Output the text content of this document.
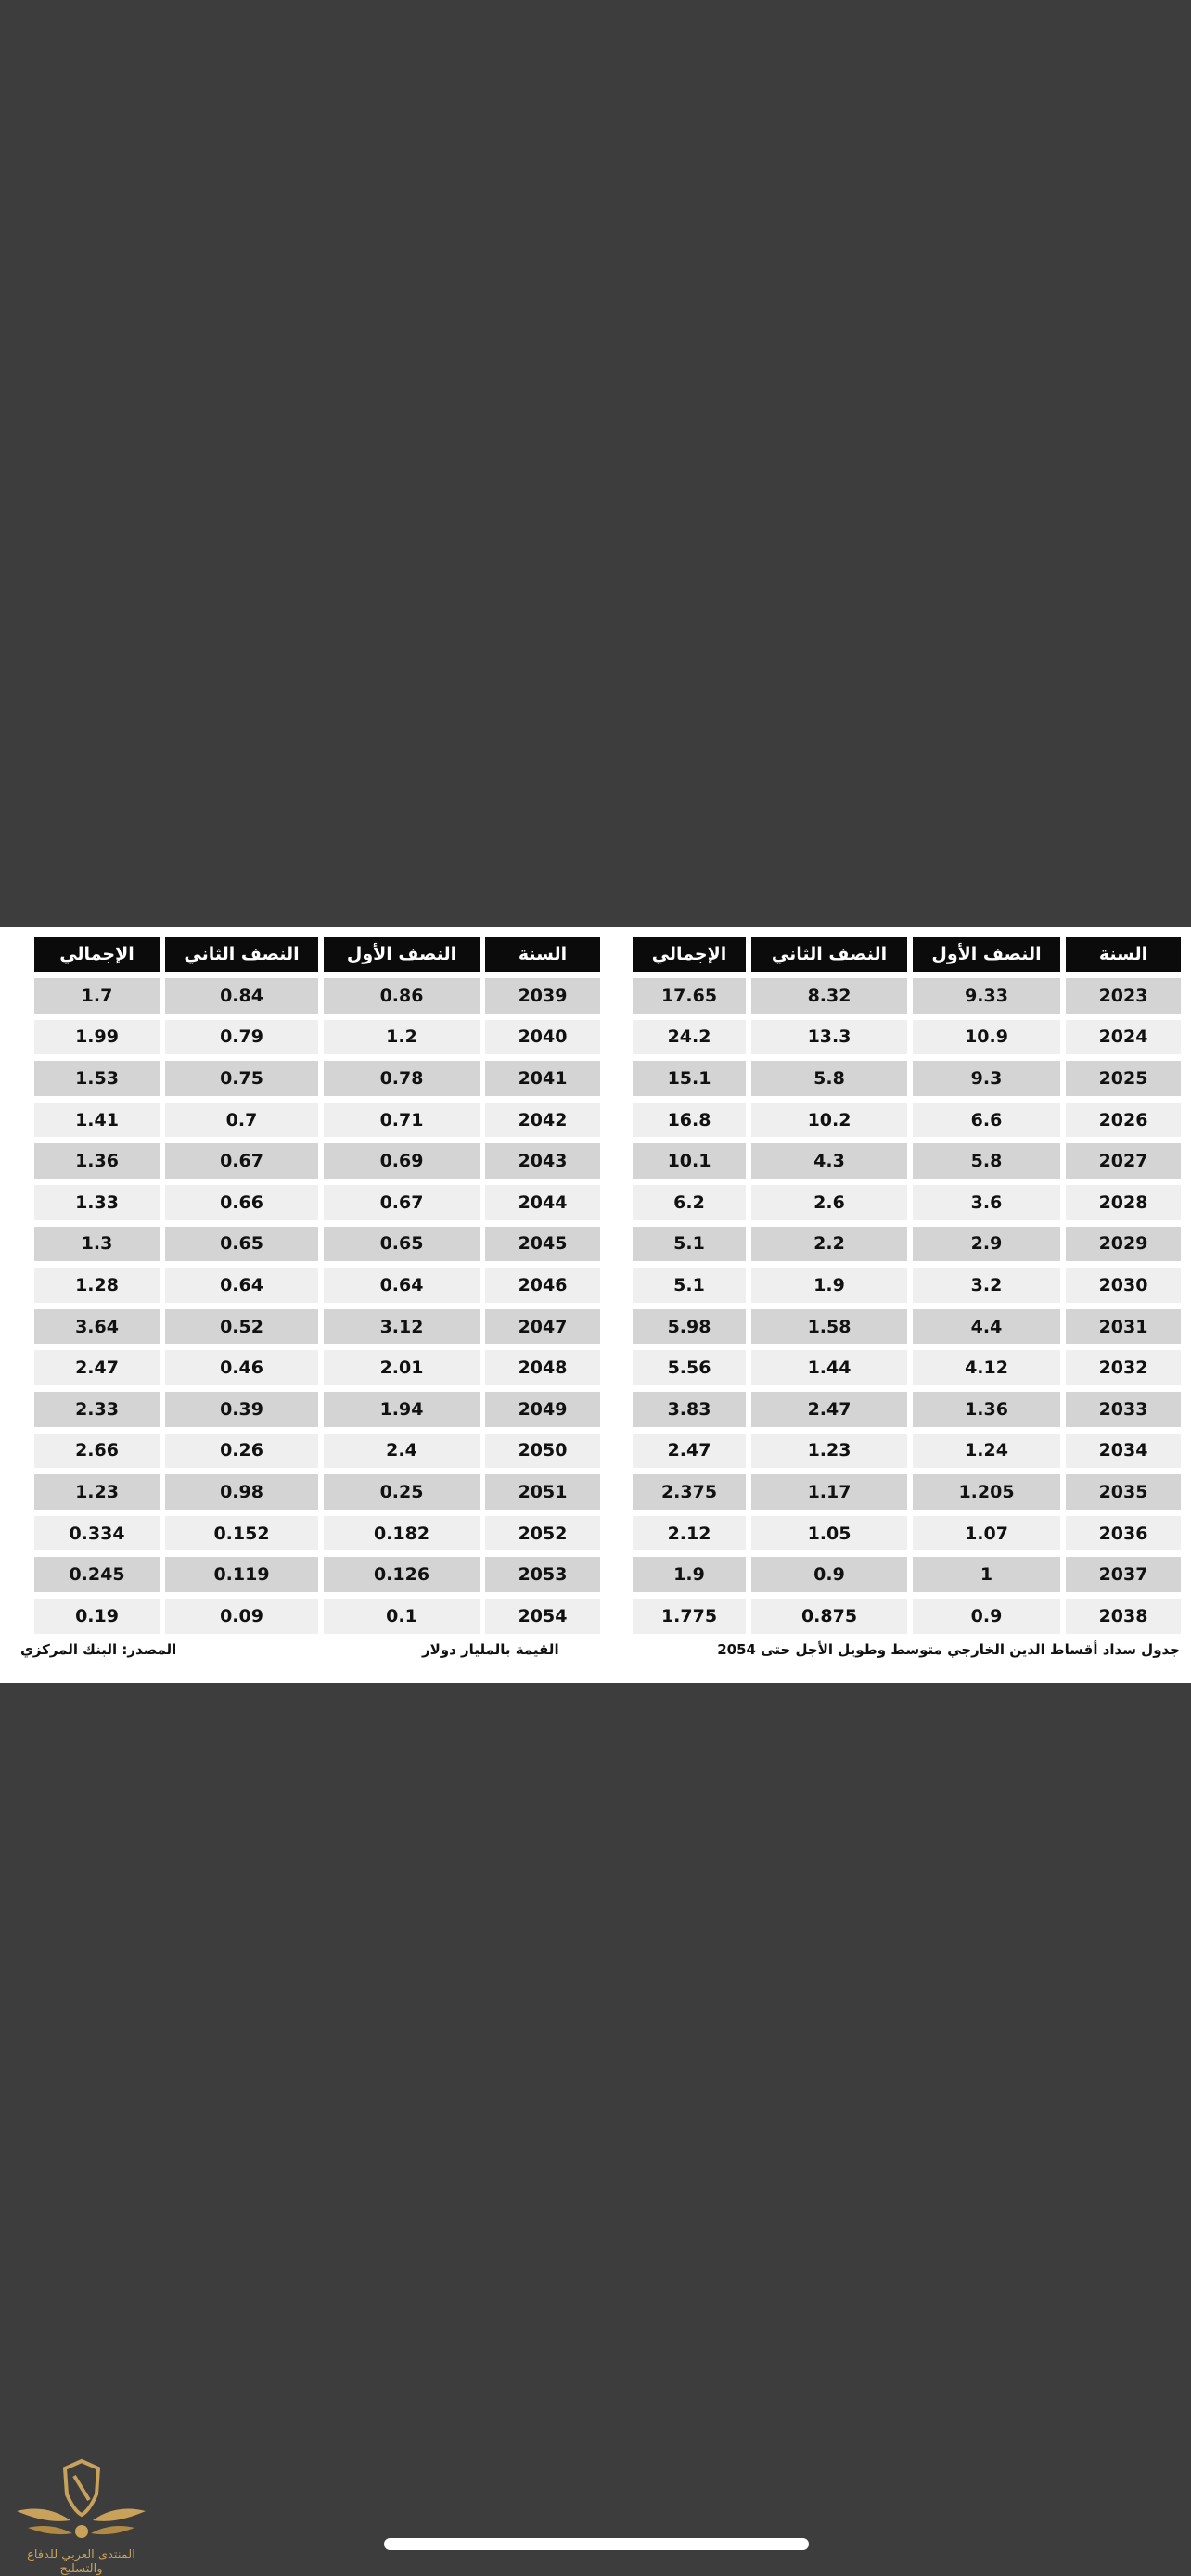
السنة
النصف الأول
النصف الثاني
الإجمالي
2023
9.33
8.32
17.65
2024
10.9
13.3
24.2
2025
9.3
5.8
15.1
2026
6.6
10.2
16.8
2027
5.8
4.3
10.1
2028
3.6
2.6
6.2
2029
2.9
2.2
5.1
2030
3.2
1.9
5.1
2031
4.4
1.58
5.98
2032
4.12
1.44
5.56
2033
1.36
2.47
3.83
2034
1.24
1.23
2.47
2035
1.205
1.17
2.375
2036
1.07
1.05
2.12
2037
1
0.9
1.9
2038
0.9
0.875
1.775
السنة
النصف الأول
النصف الثاني
الإجمالي
2039
0.86
0.84
1.7
2040
1.2
0.79
1.99
2041
0.78
0.75
1.53
2042
0.71
0.7
1.41
2043
0.69
0.67
1.36
2044
0.67
0.66
1.33
2045
0.65
0.65
1.3
2046
0.64
0.64
1.28
2047
3.12
0.52
3.64
2048
2.01
0.46
2.47
2049
1.94
0.39
2.33
2050
2.4
0.26
2.66
2051
0.25
0.98
1.23
2052
0.182
0.152
0.334
2053
0.126
0.119
0.245
2054
0.1
0.09
0.19
جدول سداد أقساط الدين الخارجي متوسط وطويل الأجل حتى 2054
القيمة بالمليار دولار
المصدر: البنك المركزي
المنتدى العربي للدفاع والتسليح
